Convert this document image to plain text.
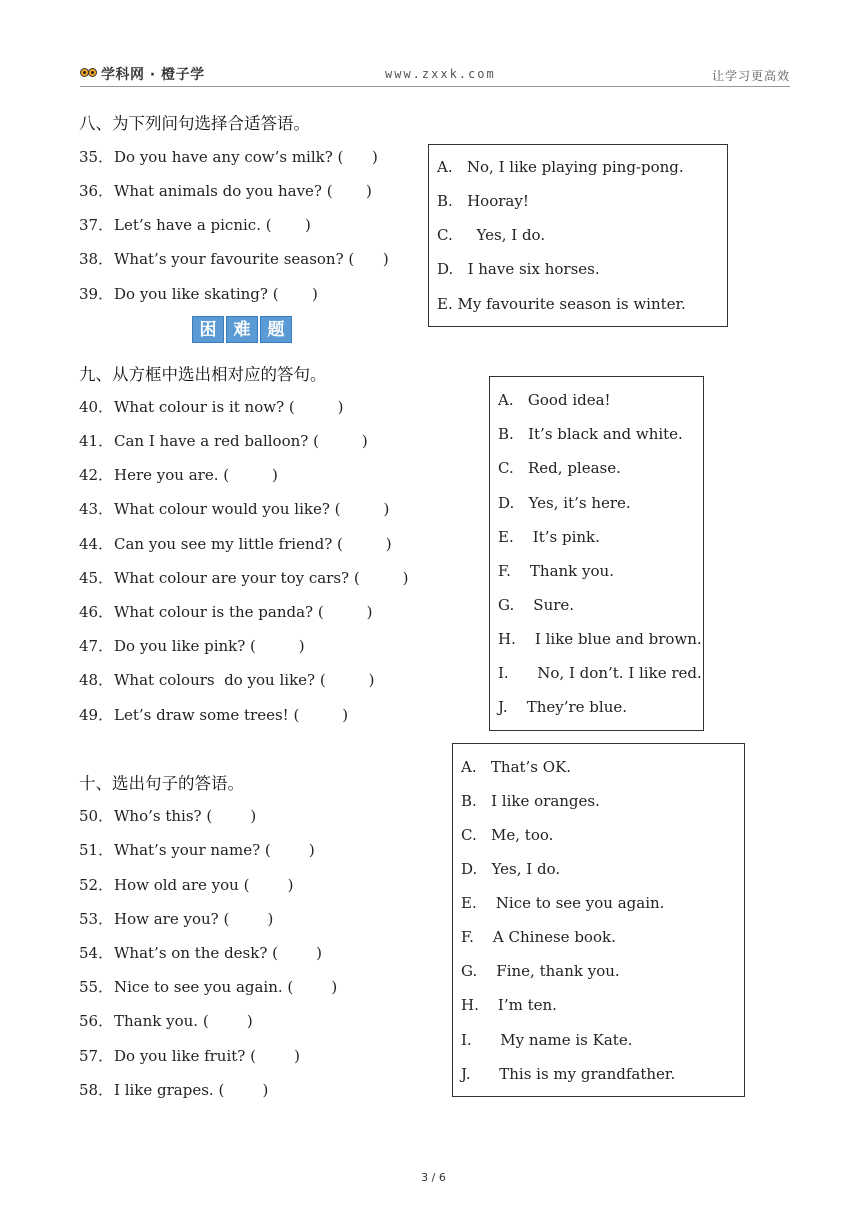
学科网 · 橙子学	www.zxxk.com	让学习更高效
八、为下列问句选择合适答语。
35．Do you have any cow’s milk? (      )
36．What animals do you have? (       )
37．Let’s have a picnic. (       )
38．What’s your favourite season? (      )
39．Do you like skating? (       )
A.   No, I like playing ping-pong.
B.   Hooray!
C.     Yes, I do.
D.   I have six horses.
E. My favourite season is winter.
困	难	题
九、从方框中选出相对应的答句。
40．What colour is it now? (         )
41．Can I have a red balloon? (         )
42．Here you are. (         )
43．What colour would you like? (         )
44．Can you see my little friend? (         )
45．What colour are your toy cars? (         )
46．What colour is the panda? (         )
47．Do you like pink? (         )
48．What colours  do you like? (         )
49．Let’s draw some trees! (         )
A.   Good idea!
B.   It’s black and white.
C.   Red, please.
D.   Yes, it’s here.
E.    It’s pink.
F.    Thank you.
G.    Sure.
H.    I like blue and brown.
I.      No, I don’t. I like red.
J.    They’re blue.
十、选出句子的答语。
50．Who’s this? (        )
51．What’s your name? (        )
52．How old are you (        )
53．How are you? (        )
54．What’s on the desk? (        )
55．Nice to see you again. (        )
56．Thank you. (        )
57．Do you like fruit? (        )
58．I like grapes. (        )
A.   That’s OK.
B.   I like oranges.
C.   Me, too.
D.   Yes, I do.
E.    Nice to see you again.
F.    A Chinese book.
G.    Fine, thank you.
H.    I’m ten.
I.      My name is Kate.
J.      This is my grandfather.
3 / 6
